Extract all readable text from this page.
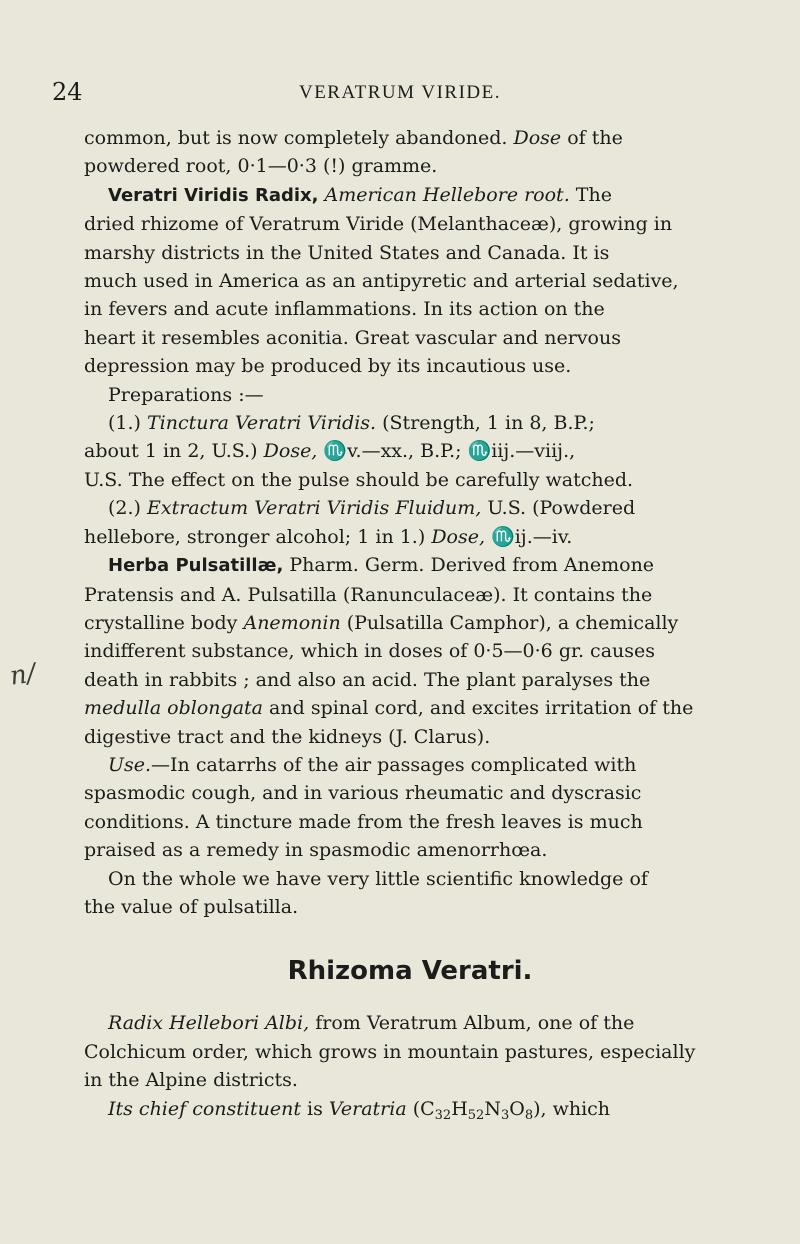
24	VERATRUM VIRIDE.
n/

common, but is now completely abandoned. Dose of the

powdered root, 0·1—0·3 (!) gramme.

Veratri Viridis Radix, American Hellebore root. The

dried rhizome of Veratrum Viride (Melanthaceæ), growing in

marshy districts in the United States and Canada. It is

much used in America as an antipyretic and arterial sedative,

in fevers and acute inflammations. In its action on the

heart it resembles aconitia. Great vascular and nervous

depression may be produced by its incautious use.

Preparations :—

(1.) Tinctura Veratri Viridis. (Strength, 1 in 8, B.P.;

about 1 in 2, U.S.) Dose, ♏v.—xx., B.P.; ♏iij.—viij.,

U.S. The effect on the pulse should be carefully watched.

(2.) Extractum Veratri Viridis Fluidum, U.S. (Powdered

hellebore, stronger alcohol; 1 in 1.) Dose, ♏ij.—iv.

Herba Pulsatillæ, Pharm. Germ. Derived from Anemone

Pratensis and A. Pulsatilla (Ranunculaceæ). It contains the

crystalline body Anemonin (Pulsatilla Camphor), a chemically

indifferent substance, which in doses of 0·5—0·6 gr. causes

death in rabbits ; and also an acid. The plant paralyses the

medulla oblongata and spinal cord, and excites irritation of the

digestive tract and the kidneys (J. Clarus).

Use.—In catarrhs of the air passages complicated with

spasmodic cough, and in various rheumatic and dyscrasic

conditions. A tincture made from the fresh leaves is much

praised as a remedy in spasmodic amenorrhœa.

On the whole we have very little scientific knowledge of

the value of pulsatilla.

Rhizoma Veratri.

Radix Hellebori Albi, from Veratrum Album, one of the

Colchicum order, which grows in mountain pastures, especially

in the Alpine districts.

Its chief constituent is Veratria $(C_{32}H_{52}N_3O_8)$, which
